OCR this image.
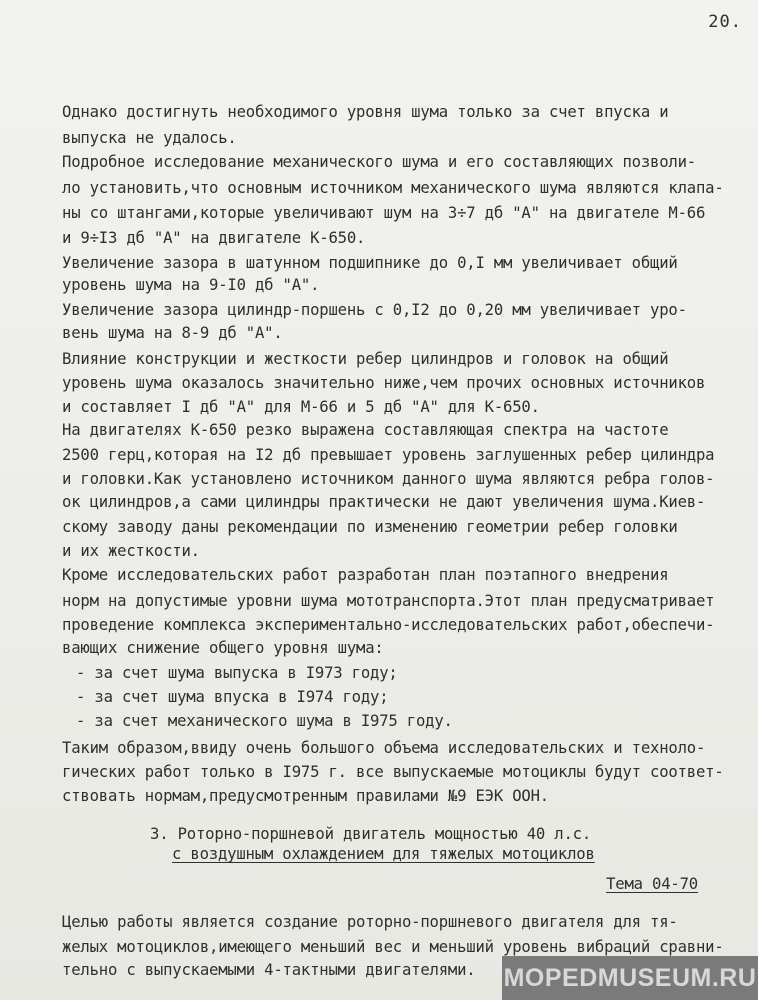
20.
Однако достигнуть необходимого уровня шума только за счет впуска и
выпуска не удалось.
Подробное исследование механического шума и его составляющих позволи-
ло установить,что основным источником механического шума являются клапа-
ны со штангами,которые увеличивают шум на 3÷7 дб "А" на двигателе М-66
и 9÷I3 дб "А" на двигателе К-650.
Увеличение зазора в шатунном подшипнике до 0,I мм увеличивает общий
уровень шума на 9-I0 дб "А".
Увеличение зазора цилиндр-поршень с 0,I2 до 0,20 мм увеличивает уро-
вень шума на 8-9 дб "А".
Влияние конструкции и жесткости ребер цилиндров и головок на общий
уровень шума оказалось значительно ниже,чем прочих основных источников
и составляет I дб "А" для М-66 и 5 дб "А" для К-650.
На двигателях К-650 резко выражена составляющая спектра на частоте
2500 герц,которая на I2 дб превышает уровень заглушенных ребер цилиндра
и головки.Как установлено источником данного шума являются ребра голов-
ок цилиндров,а сами цилиндры практически не дают увеличения шума.Киев-
скому заводу даны рекомендации по изменению геометрии ребер головки
и их жесткости.
Кроме исследовательских работ разработан план поэтапного внедрения
норм на допустимые уровни шума мототранспорта.Этот план предусматривает
проведение комплекса экспериментально-исследовательских работ,обеспечи-
вающих снижение общего уровня шума:
- за счет шума выпуска в I973 году;
- за счет шума впуска в I974 году;
- за счет механического шума в I975 году.
Таким образом,ввиду очень большого объема исследовательских и техноло-
гических работ только в I975 г. все выпускаемые мотоциклы будут соответ-
ствовать нормам,предусмотренным правилами №9 ЕЭК ООН.
3. Роторно-поршневой двигатель мощностью 40 л.с.
с воздушным охлаждением для тяжелых мотоциклов
Тема 04-70
Целью работы является создание роторно-поршневого двигателя для тя-
желых мотоциклов,имеющего меньший вес и меньший уровень вибраций сравни-
тельно с выпускаемыми 4-тактными двигателями. MOPEDMUSEUM.RU
